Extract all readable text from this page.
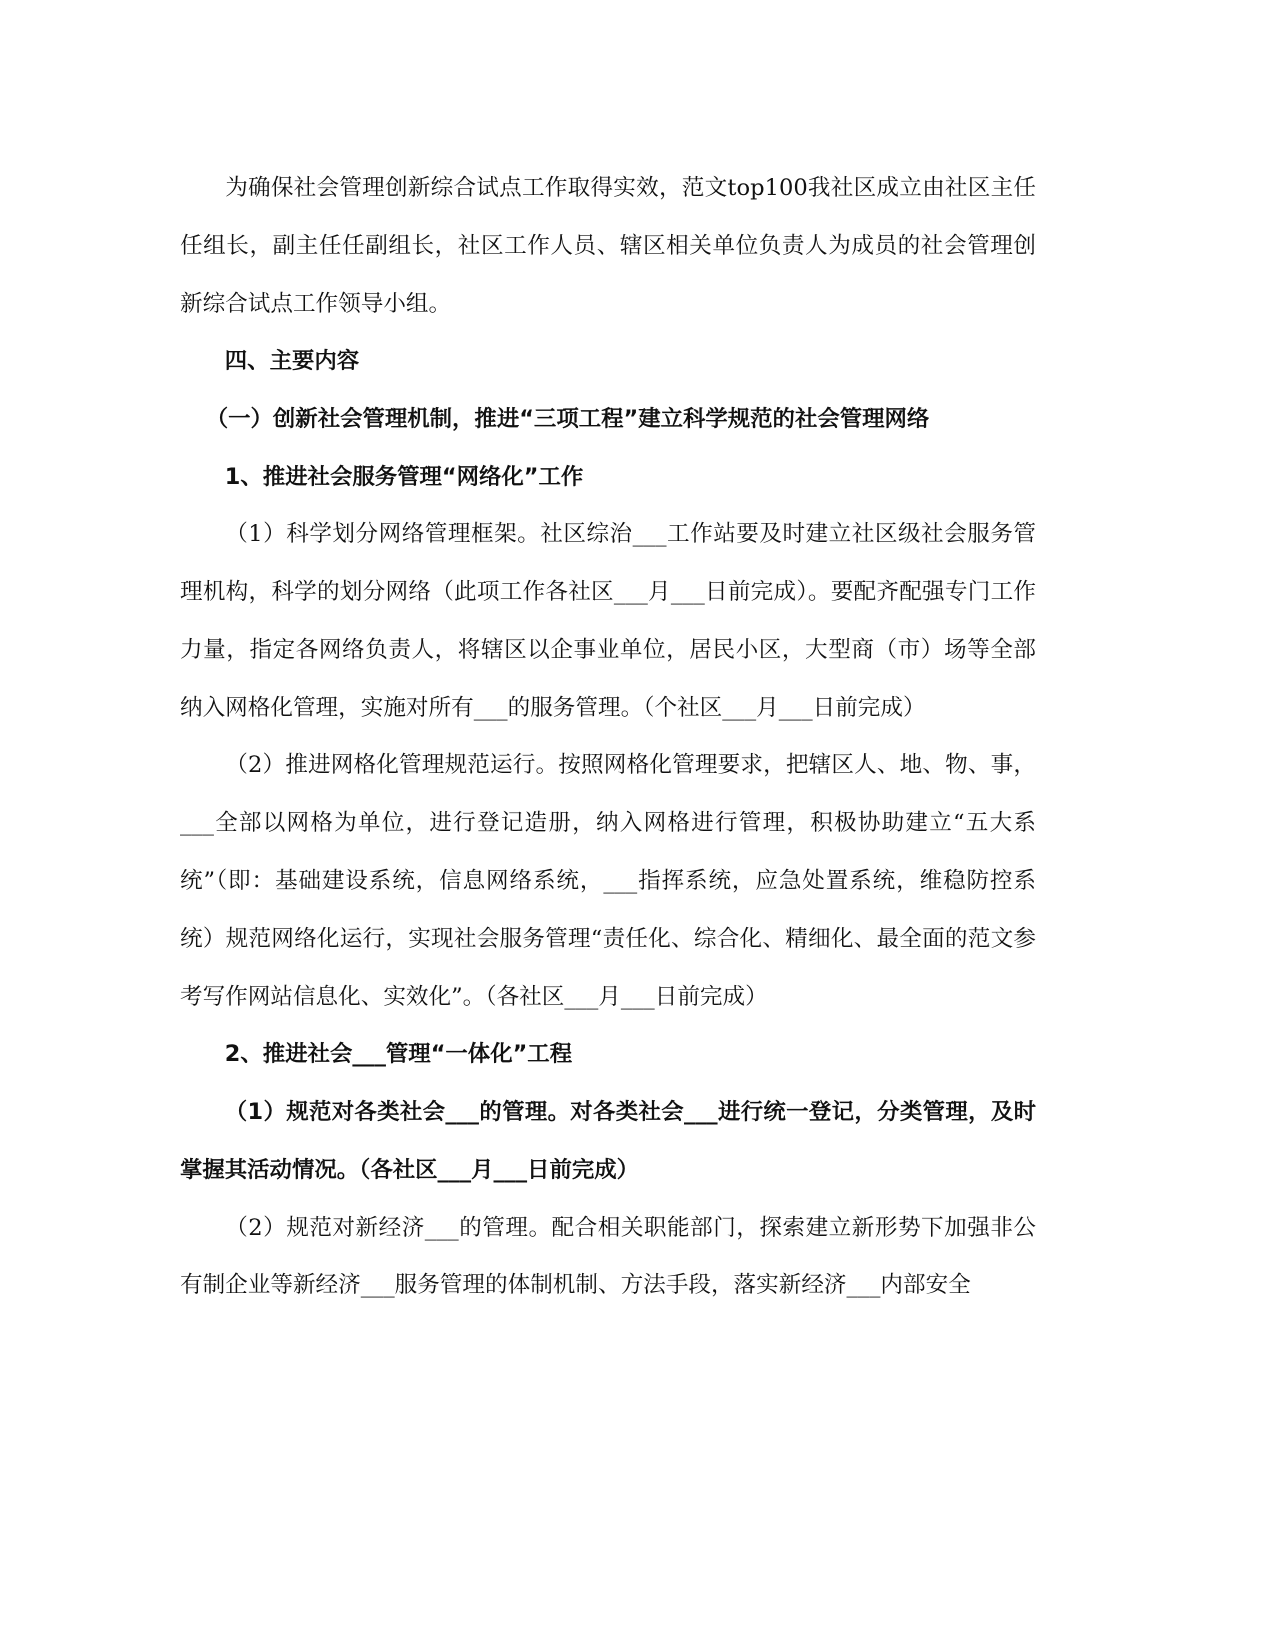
为确保社会管理创新综合试点工作取得实效，范文top100我社区成立由社区主任任组长，副主任任副组长，社区工作人员、辖区相关单位负责人为成员的社会管理创新综合试点工作领导小组。

四、主要内容

（一）创新社会管理机制，推进“三项工程”建立科学规范的社会管理网络

1、推进社会服务管理“网络化”工作

（1）科学划分网络管理框架。社区综治___工作站要及时建立社区级社会服务管理机构，科学的划分网络（此项工作各社区___月___日前完成）。要配齐配强专门工作力量，指定各网络负责人，将辖区以企事业单位，居民小区，大型商（市）场等全部纳入网格化管理，实施对所有___的服务管理。（个社区___月___日前完成）

（2）推进网格化管理规范运行。按照网格化管理要求，把辖区人、地、物、事，___全部以网格为单位，进行登记造册，纳入网格进行管理，积极协助建立“五大系统”（即：基础建设系统，信息网络系统，___指挥系统，应急处置系统，维稳防控系统）规范网络化运行，实现社会服务管理“责任化、综合化、精细化、最全面的范文参考写作网站信息化、实效化”。（各社区___月___日前完成）

2、推进社会___管理“一体化”工程

（1）规范对各类社会___的管理。对各类社会___进行统一登记，分类管理，及时掌握其活动情况。（各社区___月___日前完成）

（2）规范对新经济___的管理。配合相关职能部门，探索建立新形势下加强非公有制企业等新经济___服务管理的体制机制、方法手段，落实新经济___内部安全
